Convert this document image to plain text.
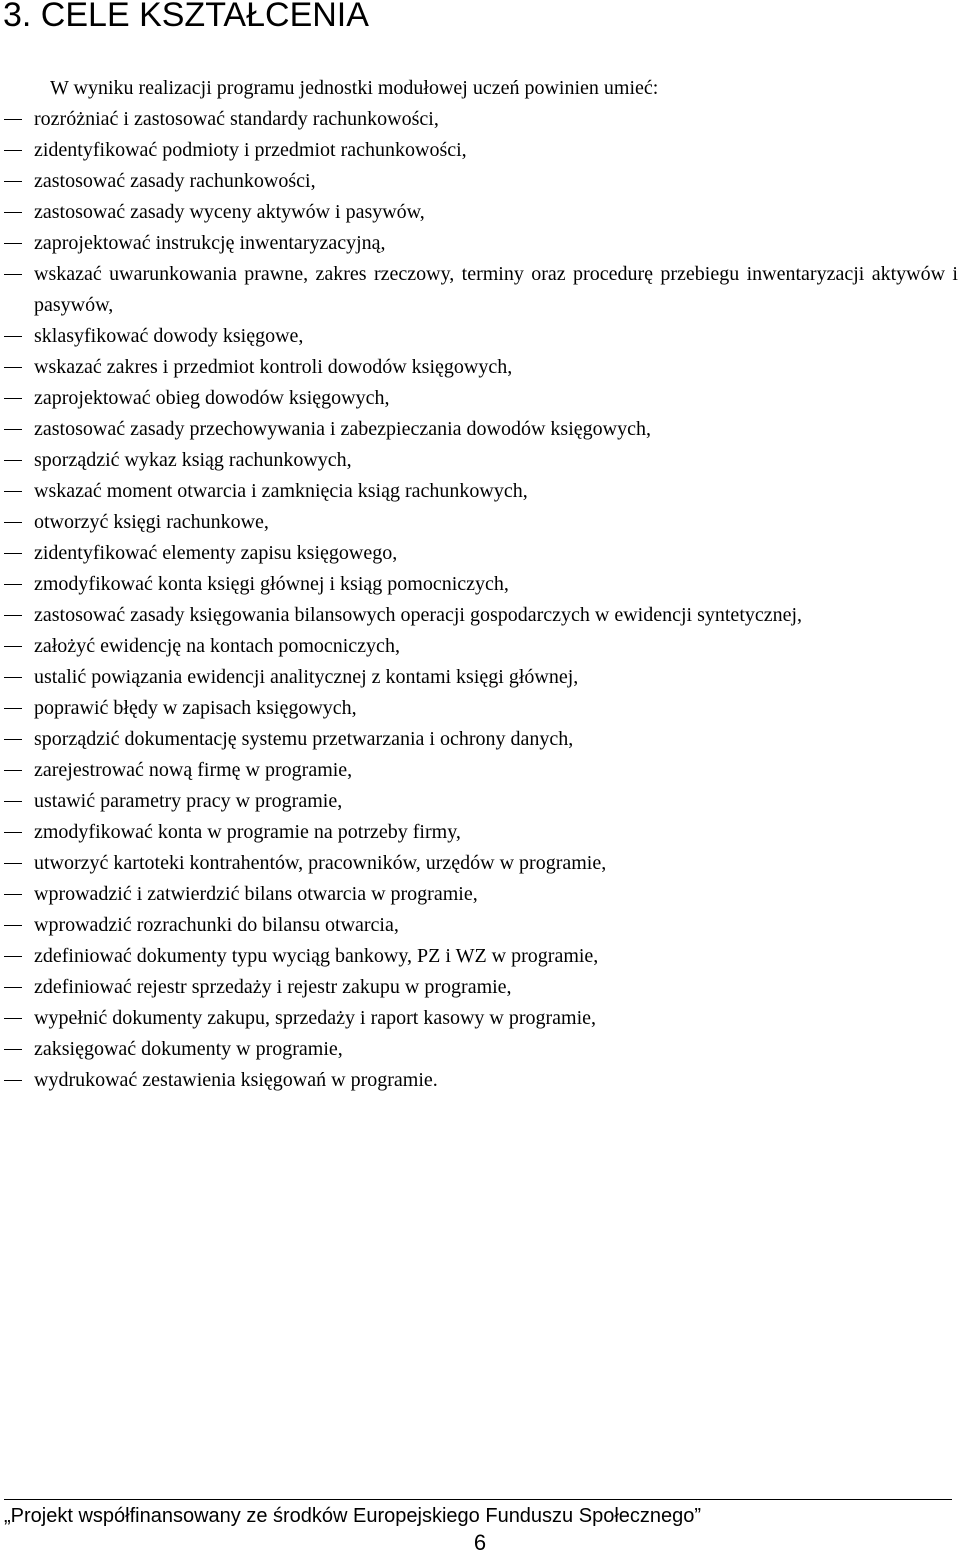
3. CELE KSZTAŁCENIA

W wyniku realizacji programu jednostki modułowej uczeń powinien umieć:

rozróżniać i zastosować standardy rachunkowości,
zidentyfikować podmioty i przedmiot rachunkowości,
zastosować zasady rachunkowości,
zastosować zasady wyceny aktywów i pasywów,
zaprojektować instrukcję inwentaryzacyjną,
wskazać uwarunkowania prawne, zakres rzeczowy, terminy oraz procedurę przebiegu inwentaryzacji aktywów i pasywów,
sklasyfikować dowody księgowe,
wskazać zakres i przedmiot kontroli dowodów księgowych,
zaprojektować obieg dowodów księgowych,
zastosować zasady przechowywania i zabezpieczania dowodów księgowych,
sporządzić wykaz ksiąg rachunkowych,
wskazać moment otwarcia i zamknięcia ksiąg rachunkowych,
otworzyć księgi rachunkowe,
zidentyfikować elementy zapisu księgowego,
zmodyfikować konta księgi głównej i ksiąg pomocniczych,
zastosować zasady księgowania bilansowych operacji gospodarczych w ewidencji syntetycznej,
założyć ewidencję na kontach pomocniczych,
ustalić powiązania ewidencji analitycznej z kontami księgi głównej,
poprawić błędy w zapisach księgowych,
sporządzić dokumentację systemu przetwarzania i ochrony danych,
zarejestrować nową firmę w programie,
ustawić parametry pracy w programie,
zmodyfikować konta w programie na potrzeby firmy,
utworzyć kartoteki kontrahentów, pracowników, urzędów w programie,
wprowadzić i zatwierdzić bilans otwarcia w programie,
wprowadzić rozrachunki do bilansu otwarcia,
zdefiniować dokumenty typu wyciąg bankowy, PZ i WZ w programie,
zdefiniować rejestr sprzedaży i rejestr zakupu w programie,
wypełnić dokumenty zakupu, sprzedaży i raport kasowy w programie,
zaksięgować dokumenty w programie,
wydrukować zestawienia księgowań w programie.

„Projekt współfinansowany ze środków Europejskiego Funduszu Społecznego”

6
